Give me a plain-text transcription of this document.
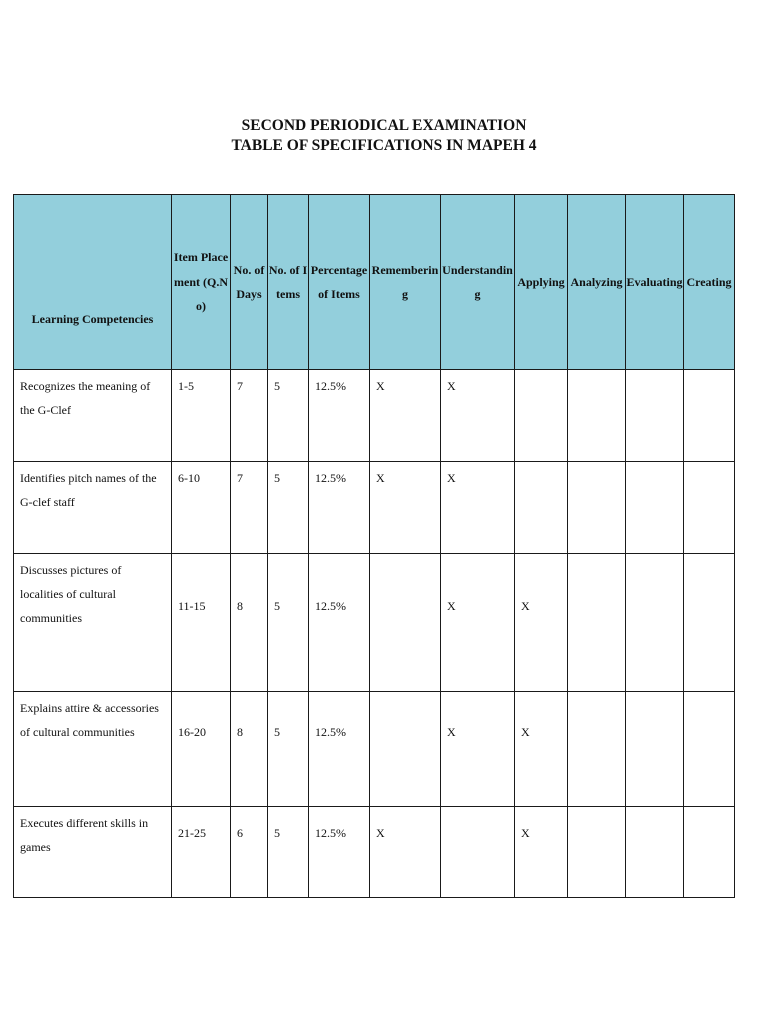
SECOND PERIODICAL EXAMINATION
TABLE OF SPECIFICATIONS IN MAPEH 4
Learning Competencies	Item Placement (Q.No)	No. of Days	No. of Items	Percentage of Items	Remembering	Understanding	Applying	Analyzing	Evaluating	Creating
Recognizes the meaning of the G-Clef	1-5	7	5	12.5%	X	X				
Identifies pitch names of the G-clef staff	6-10	7	5	12.5%	X	X				
Discusses pictures of localities of cultural communities	11-15	8	5	12.5%		X	X			
Explains attire & accessories of cultural communities	16-20	8	5	12.5%		X	X			
Executes different skills in games	21-25	6	5	12.5%	X		X			
